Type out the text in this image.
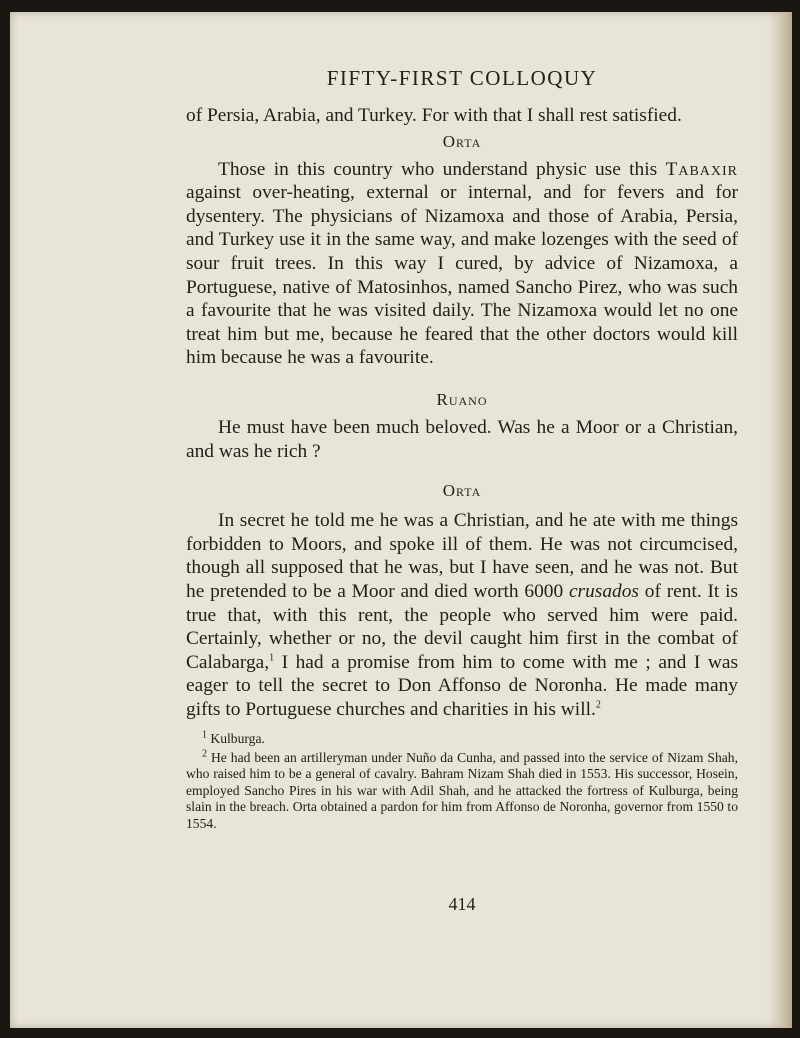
FIFTY-FIRST COLLOQUY

of Persia, Arabia, and Turkey. For with that I shall rest satisfied.

Orta

Those in this country who understand physic use this Tabaxir against over-heating, external or internal, and for fevers and for dysentery. The physicians of Nizamoxa and those of Arabia, Persia, and Turkey use it in the same way, and make lozenges with the seed of sour fruit trees. In this way I cured, by advice of Nizamoxa, a Portuguese, native of Matosinhos, named Sancho Pirez, who was such a favourite that he was visited daily. The Nizamoxa would let no one treat him but me, because he feared that the other doctors would kill him because he was a favourite.

Ruano

He must have been much beloved. Was he a Moor or a Christian, and was he rich ?

Orta

In secret he told me he was a Christian, and he ate with me things forbidden to Moors, and spoke ill of them. He was not circumcised, though all supposed that he was, but I have seen, and he was not. But he pretended to be a Moor and died worth 6000 crusados of rent. It is true that, with this rent, the people who served him were paid. Certainly, whether or no, the devil caught him first in the combat of Calabarga,$^1$ I had a promise from him to come with me ; and I was eager to tell the secret to Don Affonso de Noronha. He made many gifts to Portuguese churches and charities in his will.$^2$

$^1$ Kulburga.

$^2$ He had been an artilleryman under Nuño da Cunha, and passed into the service of Nizam Shah, who raised him to be a general of cavalry. Bahram Nizam Shah died in 1553. His successor, Hosein, employed Sancho Pires in his war with Adil Shah, and he attacked the fortress of Kulburga, being slain in the breach. Orta obtained a pardon for him from Affonso de Noronha, governor from 1550 to 1554.

414
